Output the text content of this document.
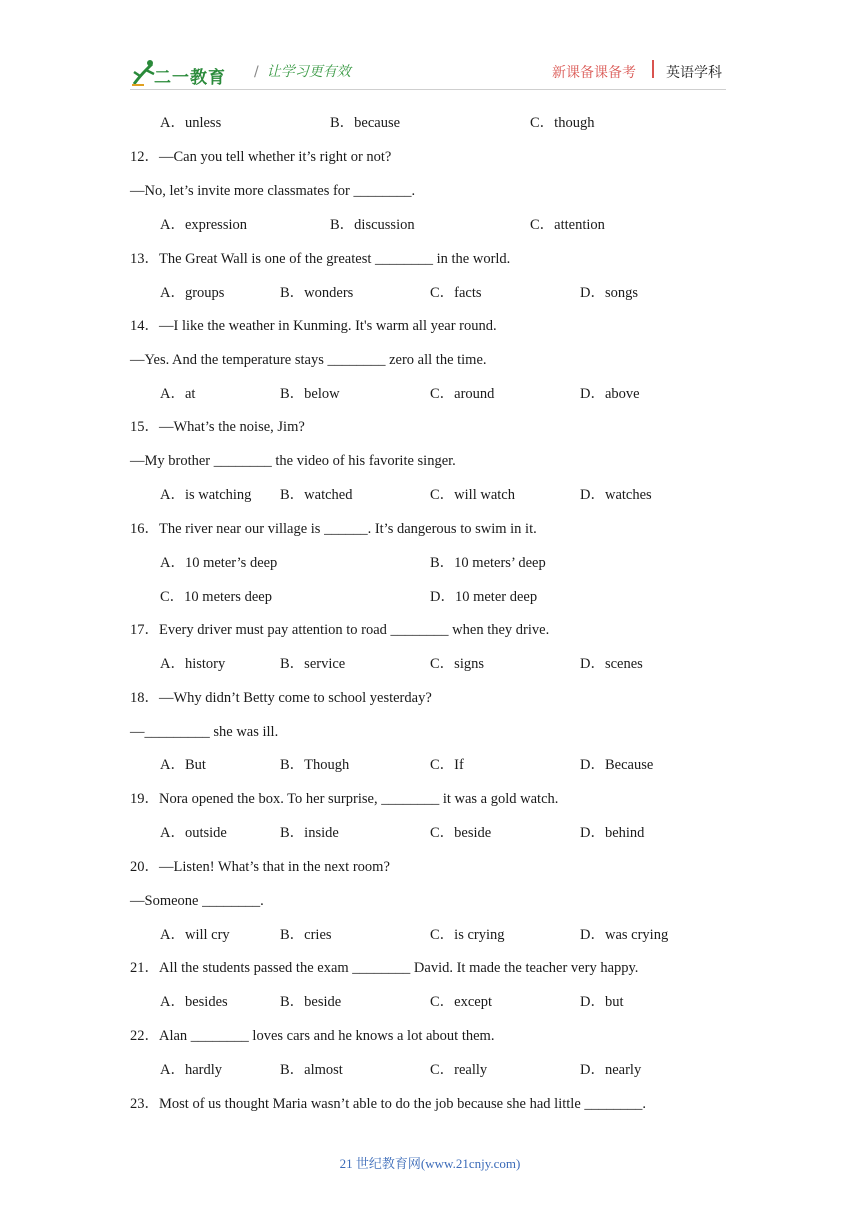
二一教育 / 让学习更有效	新课备课备考 英语学科
A．unless	B．because	C．though
12．—Can you tell whether it’s right or not?
—No, let’s invite more classmates for ________.
A．expression	B．discussion	C．attention
13．The Great Wall is one of the greatest ________ in the world.
A．groups	B．wonders	C．facts	D．songs
14．—I like the weather in Kunming. It's warm all year round.
—Yes. And the temperature stays ________ zero all the time.
A．at	B．below	C．around	D．above
15．—What’s the noise, Jim?
—My brother ________ the video of his favorite singer.
A．is watching B．watched	C．will watch	D．watches
16．The river near our village is ______. It’s dangerous to swim in it.
A．10 meter’s deep	B．10 meters’ deep
C．10 meters deep	D．10 meter deep
17．Every driver must pay attention to road ________ when they drive.
A．history	B．service	C．signs	D．scenes
18．—Why didn’t Betty come to school yesterday?
—_________ she was ill.
A．But	B．Though	C．If	D．Because
19．Nora opened the box. To her surprise, ________ it was a gold watch.
A．outside	B．inside	C．beside	D．behind
20．—Listen! What’s that in the next room?
—Someone ________.
A．will cry	B．cries	C．is crying	D．was crying
21．All the students passed the exam ________ David. It made the teacher very happy.
A．besides	B．beside	C．except	D．but
22．Alan ________ loves cars and he knows a lot about them.
A．hardly	B．almost	C．really	D．nearly
23．Most of us thought Maria wasn’t able to do the job because she had little ________.
21 世纪教育网(www.21cnjy.com)
